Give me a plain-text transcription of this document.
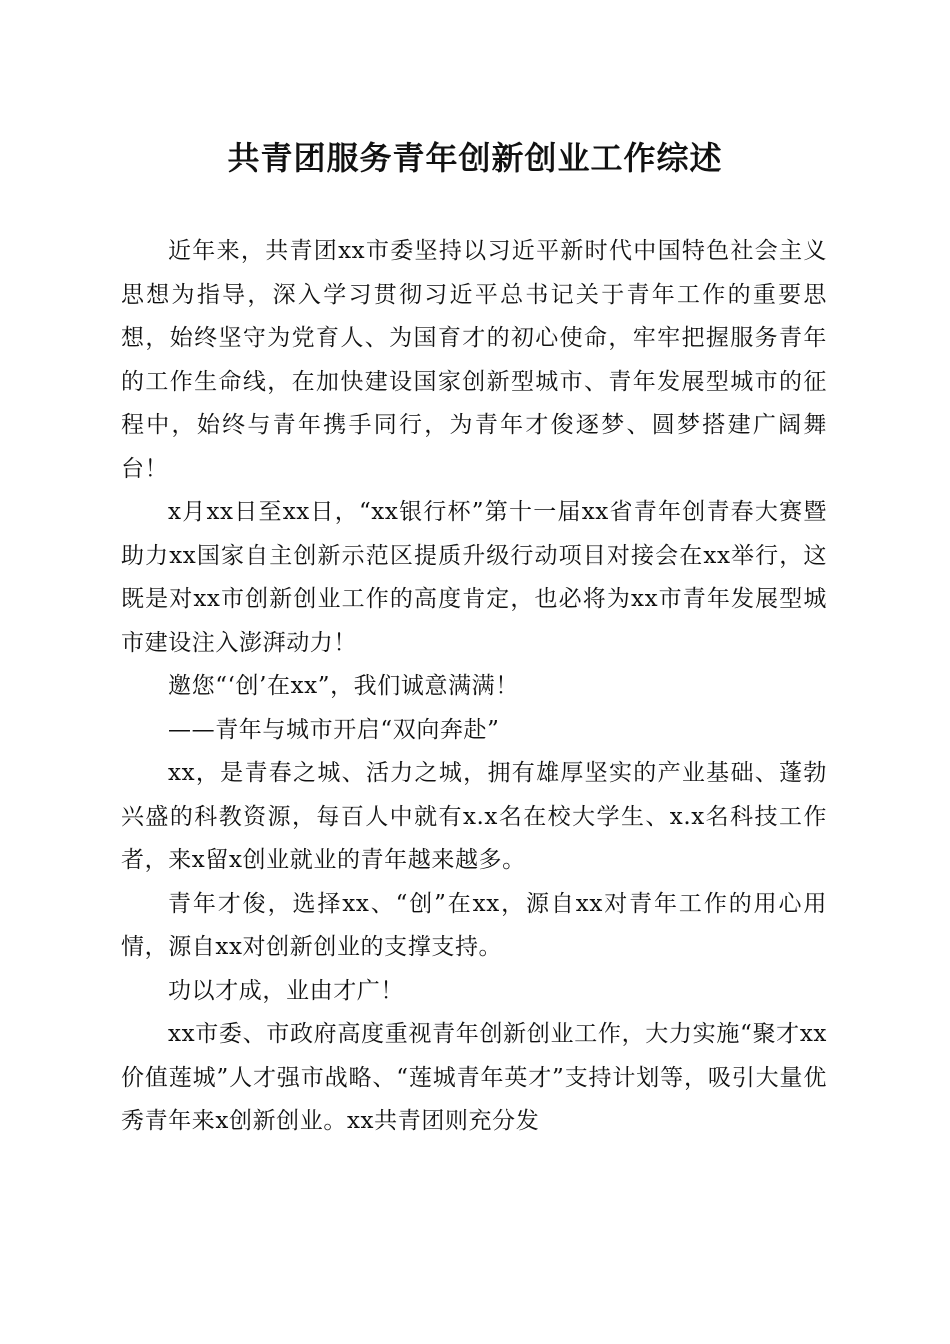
共青团服务青年创新创业工作综述

近年来，共青团xx市委坚持以习近平新时代中国特色社会主义思想为指导，深入学习贯彻习近平总书记关于青年工作的重要思想，始终坚守为党育人、为国育才的初心使命，牢牢把握服务青年的工作生命线，在加快建设国家创新型城市、青年发展型城市的征程中，始终与青年携手同行，为青年才俊逐梦、圆梦搭建广阔舞台！

x月xx日至xx日，“xx银行杯”第十一届xx省青年创青春大赛暨助力xx国家自主创新示范区提质升级行动项目对接会在xx举行，这既是对xx市创新创业工作的高度肯定，也必将为xx市青年发展型城市建设注入澎湃动力！

邀您“‘创’在xx”，我们诚意满满！

——青年与城市开启“双向奔赴”

xx，是青春之城、活力之城，拥有雄厚坚实的产业基础、蓬勃兴盛的科教资源，每百人中就有x.x名在校大学生、x.x名科技工作者，来x留x创业就业的青年越来越多。

青年才俊，选择xx、“创”在xx，源自xx对青年工作的用心用情，源自xx对创新创业的支撑支持。

功以才成，业由才广！

xx市委、市政府高度重视青年创新创业工作，大力实施“聚才xx价值莲城”人才强市战略、“莲城青年英才”支持计划等，吸引大量优秀青年来x创新创业。xx共青团则充分发
